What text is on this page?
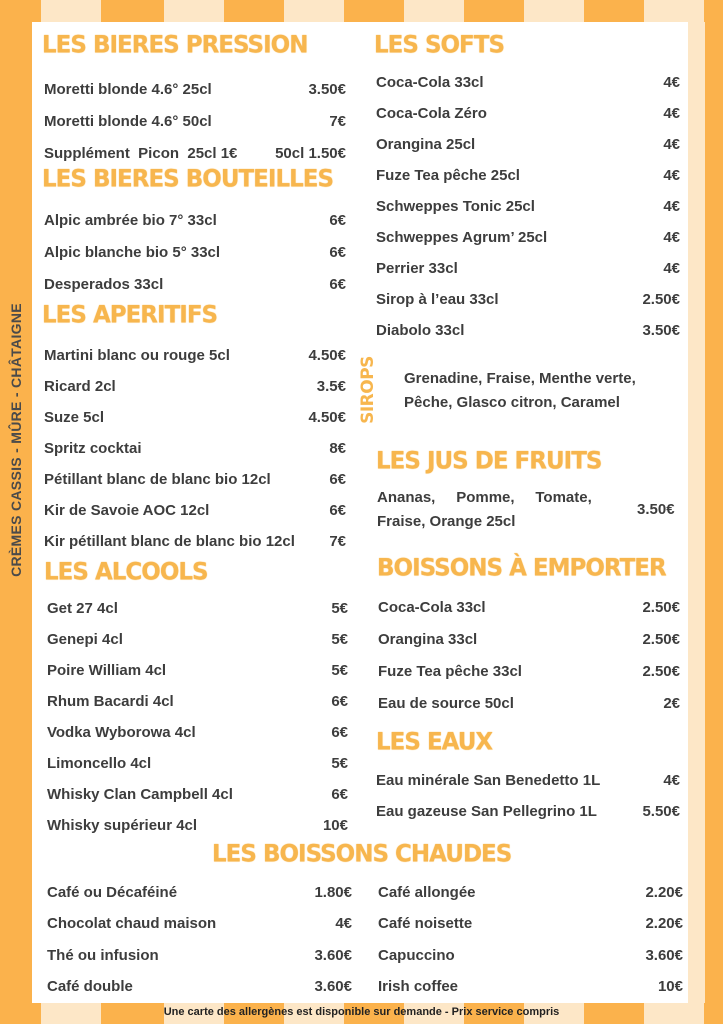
CRÈMES CASSIS - MÛRE - CHÂTAIGNE
LES BIERES PRESSION
Moretti blonde 4.6° 25cl	3.50€
Moretti blonde 4.6° 50cl	7€
Supplément  Picon  25cl 1€	50cl 1.50€
LES BIERES BOUTEILLES
Alpic ambrée bio 7° 33cl	6€
Alpic blanche bio 5° 33cl	6€
Desperados 33cl	6€
LES APERITIFS
Martini blanc ou rouge 5cl	4.50€
Ricard 2cl	3.5€
Suze 5cl	4.50€
Spritz cocktai	8€
Pétillant blanc de blanc bio 12cl	6€
Kir de Savoie AOC 12cl	6€
Kir pétillant blanc de blanc bio 12cl 7€
LES ALCOOLS
Get 27 4cl	5€
Genepi 4cl	5€
Poire William 4cl	5€
Rhum Bacardi 4cl	6€
Vodka Wyborowa 4cl	6€
Limoncello 4cl	5€
Whisky Clan Campbell 4cl	6€
Whisky supérieur 4cl	10€
LES SOFTS
Coca-Cola 33cl	4€
Coca-Cola Zéro	4€
Orangina 25cl	4€
Fuze Tea pêche 25cl	4€
Schweppes Tonic 25cl	4€
Schweppes Agrum’ 25cl	4€
Perrier 33cl	4€
Sirop à l’eau 33cl	2.50€
Diabolo 33cl	3.50€
SIROPS Grenadine, Fraise, Menthe verte, Pêche, Glasco citron, Caramel
LES JUS DE FRUITS
Ananas,     Pomme,     Tomate,
Fraise, Orange 25cl
3.50€
BOISSONS À EMPORTER
Coca-Cola 33cl	2.50€
Orangina 33cl	2.50€
Fuze Tea pêche 33cl	2.50€
Eau de source 50cl	2€
LES EAUX
Eau minérale San Benedetto 1L	4€
Eau gazeuse San Pellegrino 1L	5.50€
LES BOISSONS CHAUDES
Café ou Décaféiné	1.80€
Chocolat chaud maison	4€
Thé ou infusion	3.60€
Café double	3.60€
Café allongée	2.20€
Café noisette	2.20€
Capuccino	3.60€
Irish coffee	10€
Une carte des allergènes est disponible sur demande - Prix service compris
